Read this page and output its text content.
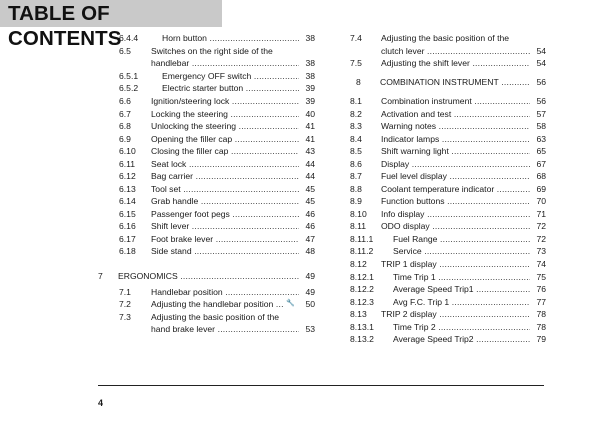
TABLE OF CONTENTS
6.4.4	Horn button .....	38
6.5 Switches on the right side of the
handlebar .....	38
6.5.1	Emergency OFF switch .....	38
6.5.2	Electric starter button .....	39
6.6 Ignition/steering lock .....	39
6.7 Locking the steering .....	40
6.8 Unlocking the steering .....	41
6.9 Opening the filler cap .....	41
6.10 Closing the filler cap .....	43
6.11 Seat lock .....	44
6.12 Bag carrier .....	44
6.13 Tool set .....	45
6.14 Grab handle .....	45
6.15 Passenger foot pegs .....	46
6.16 Shift lever .....	46
6.17 Foot brake lever .....	47
6.18 Side stand .....	48
7 ERGONOMICS .....	49
7.1 Handlebar position .....	49
7.2 Adjusting the handlebar position .....	🔧 50
7.3 Adjusting the basic position of the
hand brake lever .....	53
7.4 Adjusting the basic position of the
clutch lever .....	54
7.5 Adjusting the shift lever .....	54
8 COMBINATION INSTRUMENT .....	56
8.1 Combination instrument .....	56
8.2 Activation and test .....	57
8.3 Warning notes .....	58
8.4 Indicator lamps .....	63
8.5 Shift warning light .....	65
8.6 Display .....	67
8.7 Fuel level display .....	68
8.8 Coolant temperature indicator .....	69
8.9 Function buttons .....	70
8.10 Info display .....	71
8.11 ODO display .....	72
8.11.1 Fuel Range .....	72
8.11.2 Service .....	73
8.12 TRIP 1 display .....	74
8.12.1 Time Trip 1 .....	75
8.12.2 Average Speed Trip1 .....	76
8.12.3 Avg F.C. Trip 1 .....	77
8.13 TRIP 2 display .....	78
8.13.1 Time Trip 2 .....	78
8.13.2 Average Speed Trip2 .....	79
4
